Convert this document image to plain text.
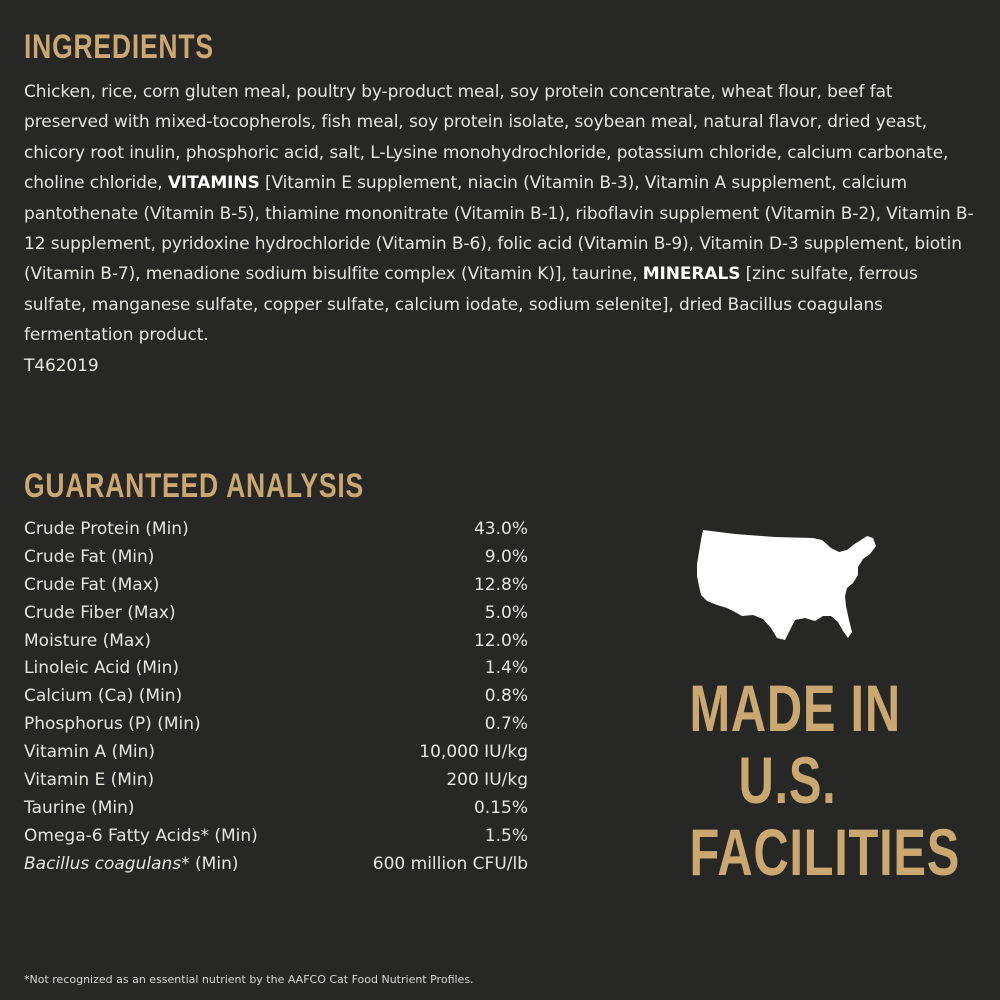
INGREDIENTS

Chicken, rice, corn gluten meal, poultry by-product meal, soy protein concentrate, wheat flour, beef fat preserved with mixed-tocopherols, fish meal, soy protein isolate, soybean meal, natural flavor, dried yeast, chicory root inulin, phosphoric acid, salt, L-Lysine monohydrochloride, potassium chloride, calcium carbonate, choline chloride, VITAMINS [Vitamin E supplement, niacin (Vitamin B-3), Vitamin A supplement, calcium pantothenate (Vitamin B-5), thiamine mononitrate (Vitamin B-1), riboflavin supplement (Vitamin B-2), Vitamin B-12 supplement, pyridoxine hydrochloride (Vitamin B-6), folic acid (Vitamin B-9), Vitamin D-3 supplement, biotin (Vitamin B-7), menadione sodium bisulfite complex (Vitamin K)], taurine, MINERALS [zinc sulfate, ferrous sulfate, manganese sulfate, copper sulfate, calcium iodate, sodium selenite], dried Bacillus coagulans fermentation product.
T462019

GUARANTEED ANALYSIS
Crude Protein (Min)	43.0%
Crude Fat (Min)	9.0%
Crude Fat (Max)	12.8%
Crude Fiber (Max)	5.0%
Moisture (Max)	12.0%
Linoleic Acid (Min)	1.4%
Calcium (Ca) (Min)	0.8%
Phosphorus (P) (Min)	0.7%
Vitamin A (Min)	10,000 IU/kg
Vitamin E (Min)	200 IU/kg
Taurine (Min)	0.15%
Omega-6 Fatty Acids* (Min)	1.5%
Bacillus coagulans* (Min)	600 million CFU/lb
MADE IN
U.S.
FACILITIES

*Not recognized as an essential nutrient by the AAFCO Cat Food Nutrient Profiles.
